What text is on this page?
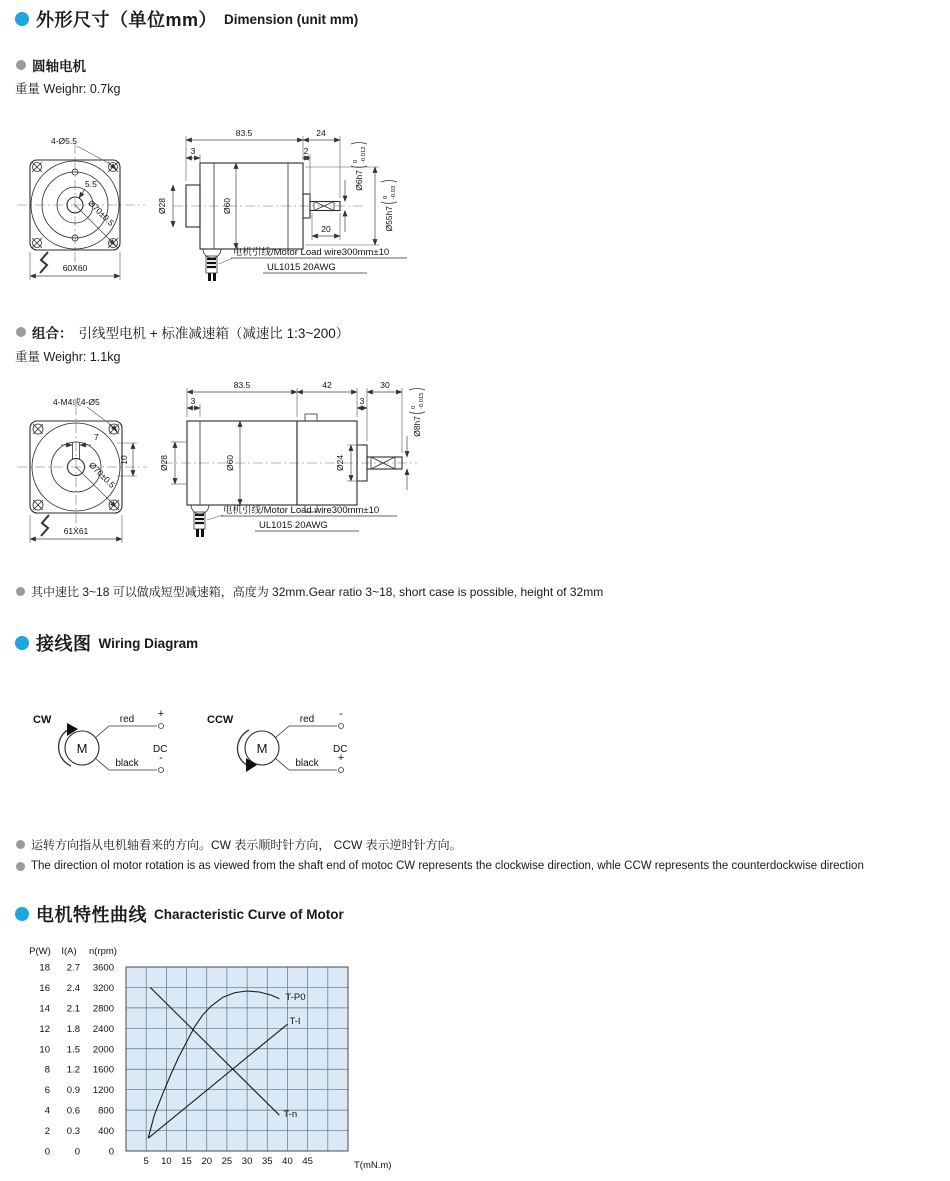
外形尺寸（单位mm） Dimension (unit mm)
圆轴电机
重量 Weighr: 0.7kg
4-Ø5.5
5.5
Ø70±0.5
60X60
83.5	24
3	2
20
Ø60
Ø28
Ø6h7
0 -0.012
Ø55h7
0 -0.03
电机引线/Motor Load wire300mm±10
UL1015 20AWG
组合： 引线型电机 + 标准减速箱（减速比 1:3~200）
重量 Weighr: 1.1kg
7
10
4-M4或4-Ø5
Ø70±0.5
61X61
83.5	42	30
3	3
Ø60
Ø28	Ø24
Ø8h7
0 -0.015
电机引线/Motor Load wire300mm±10
UL1015 20AWG
其中速比 3~18 可以做成短型减速箱，高度为 32mm.Gear ratio 3~18, short case is possible, height of 32mm
接线图 Wiring Diagram
CW
M
red +
black -
DC
CCW
M
red -
black +
DC
运转方向指从电机轴看来的方向。CW 表示顺时针方向， CCW 表示逆时针方向。
The direction ol motor rotation is as viewed from the shaft end of motoc CW represents the clockwise direction, whle CCW represents the counterdockwise direction
电机特性曲线 Characteristic Curve of Motor
5 10 15 20 25 30 35 40 45	T(mN.m)
P(W)
18
16
14
12
10
8
6
4
2
0
I(A)
2.7
2.4
2.1
1.8
1.5
1.2
0.9
0.6
0.3
0
n(rpm)
3600
3200
2800
2400
2000
1600
1200
800
400
0
T-n
T-I
T-P0
